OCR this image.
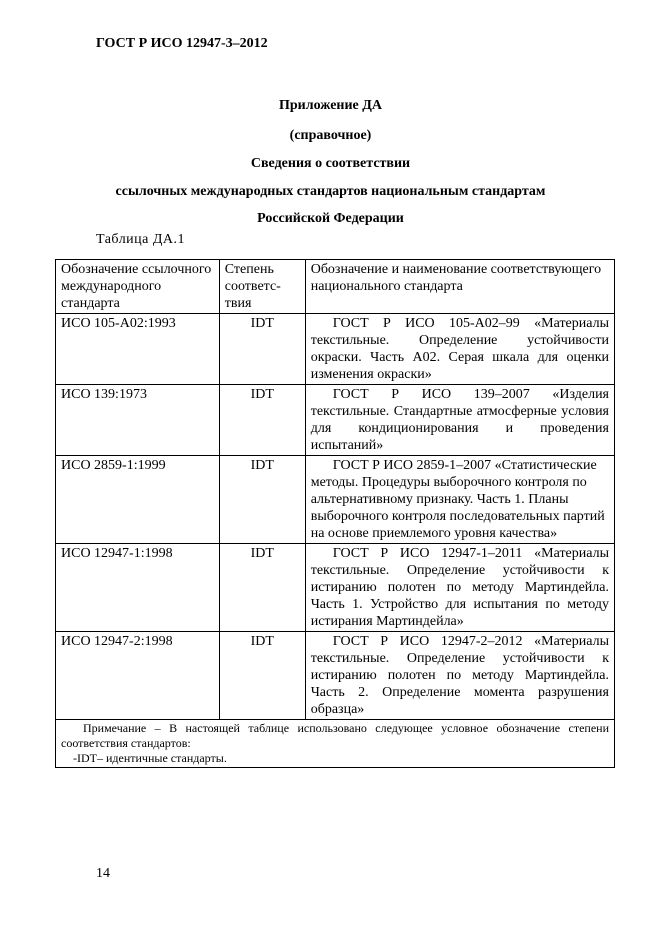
ГОСТ Р ИСО 12947-3–2012
Приложение ДА
(справочное)
Сведения о соответствии
ссылочных международных стандартов национальным стандартам
Российской Федерации
Таблица ДА.1
Обозначение ссылочного международного стандарта	Степень соответс-твия	Обозначение и наименование соответствующего национального стандарта
ИСО 105-А02:1993	IDT	ГОСТ Р ИСО 105-А02–99 «Материалы текстильные. Определение устойчивости окраски. Часть А02. Серая шкала для оценки изменения окраски»
ИСО 139:1973	IDT	ГОСТ Р ИСО 139–2007 «Изделия текстильные. Стандартные атмосферные условия для кондиционирования и проведения испытаний»
ИСО 2859-1:1999	IDT	ГОСТ Р ИСО 2859-1–2007 «Статистические методы. Процедуры выборочного контроля по альтернативному признаку. Часть 1. Планы выборочного контроля последовательных партий на основе приемлемого уровня качества»
ИСО 12947-1:1998	IDT	ГОСТ Р ИСО 12947-1–2011 «Материалы текстильные. Определение устойчивости к истиранию полотен по методу Мартиндейла. Часть 1. Устройство для испытания по методу истирания Мартиндейла»
ИСО 12947-2:1998	IDT	ГОСТ Р ИСО 12947-2–2012 «Материалы текстильные. Определение устойчивости к истиранию полотен по методу Мартиндейла. Часть 2. Определение момента разрушения образца»

Примечание – В настоящей таблице использовано следующее условное обозначение степени соответствия стандартов:
-IDT– идентичные стандарты.		
14
